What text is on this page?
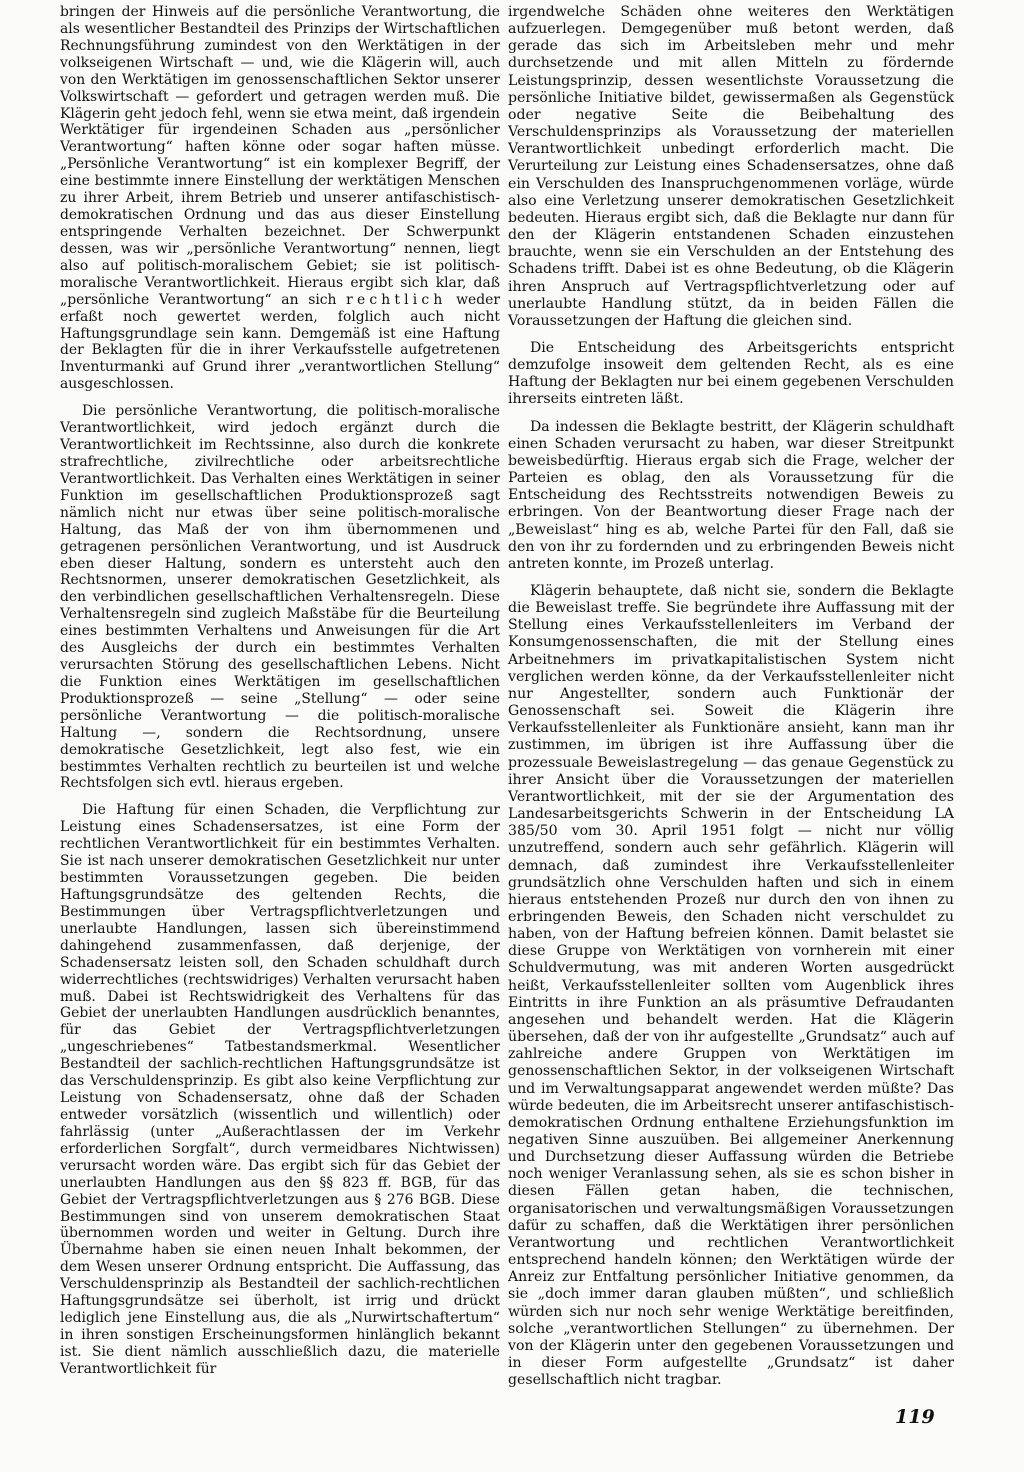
bringen der Hinweis auf die persönliche Verantwortung, die als wesentlicher Bestandteil des Prinzips der Wirtschaftlichen Rechnungsführung zumindest von den Werktätigen in der volkseigenen Wirtschaft — und, wie die Klägerin will, auch von den Werktätigen im genossenschaftlichen Sektor unserer Volkswirtschaft — gefordert und getragen werden muß. Die Klägerin geht jedoch fehl, wenn sie etwa meint, daß irgendein Werktätiger für irgendeinen Schaden aus „persönlicher Verantwortung“ haften könne oder sogar haften müsse. „Persönliche Verantwortung“ ist ein komplexer Begriff, der eine bestimmte innere Einstellung der werktätigen Menschen zu ihrer Arbeit, ihrem Betrieb und unserer antifaschistisch-demokratischen Ordnung und das aus dieser Einstellung entspringende Verhalten bezeichnet. Der Schwerpunkt dessen, was wir „persönliche Verantwortung“ nennen, liegt also auf politisch-moralischem Gebiet; sie ist politisch-moralische Verantwortlichkeit. Hieraus ergibt sich klar, daß „persönliche Verantwortung“ an sich rechtlich weder erfaßt noch gewertet werden, folglich auch nicht Haftungsgrundlage sein kann. Demgemäß ist eine Haftung der Beklagten für die in ihrer Verkaufsstelle aufgetretenen Inventurmanki auf Grund ihrer „verantwortlichen Stellung“ ausgeschlossen.

Die persönliche Verantwortung, die politisch-moralische Verantwortlichkeit, wird jedoch ergänzt durch die Verantwortlichkeit im Rechtssinne, also durch die konkrete strafrechtliche, zivilrechtliche oder arbeitsrechtliche Verantwortlichkeit. Das Verhalten eines Werktätigen in seiner Funktion im gesellschaftlichen Produktionsprozeß sagt nämlich nicht nur etwas über seine politisch-moralische Haltung, das Maß der von ihm übernommenen und getragenen persönlichen Verantwortung, und ist Ausdruck eben dieser Haltung, sondern es untersteht auch den Rechtsnormen, unserer demokratischen Gesetzlichkeit, als den verbindlichen gesellschaftlichen Verhaltensregeln. Diese Verhaltensregeln sind zugleich Maßstäbe für die Beurteilung eines bestimmten Verhaltens und Anweisungen für die Art des Ausgleichs der durch ein bestimmtes Verhalten verursachten Störung des gesellschaftlichen Lebens. Nicht die Funktion eines Werktätigen im gesellschaftlichen Produktionsprozeß — seine „Stellung“ — oder seine persönliche Verantwortung — die politisch-moralische Haltung —, sondern die Rechtsordnung, unsere demokratische Gesetzlichkeit, legt also fest, wie ein bestimmtes Verhalten rechtlich zu beurteilen ist und welche Rechtsfolgen sich evtl. hieraus ergeben.

Die Haftung für einen Schaden, die Verpflichtung zur Leistung eines Schadensersatzes, ist eine Form der rechtlichen Verantwortlichkeit für ein bestimmtes Verhalten. Sie ist nach unserer demokratischen Gesetzlichkeit nur unter bestimmten Voraussetzungen gegeben. Die beiden Haftungsgrundsätze des geltenden Rechts, die Bestimmungen über Vertragspflichtverletzungen und unerlaubte Handlungen, lassen sich übereinstimmend dahingehend zusammenfassen, daß derjenige, der Schadensersatz leisten soll, den Schaden schuldhaft durch widerrechtliches (rechtswidriges) Verhalten verursacht haben muß. Dabei ist Rechtswidrigkeit des Verhaltens für das Gebiet der unerlaubten Handlungen ausdrücklich benanntes, für das Gebiet der Vertragspflichtverletzungen „ungeschriebenes“ Tatbestandsmerkmal. Wesentlicher Bestandteil der sachlich-rechtlichen Haftungsgrundsätze ist das Verschuldensprinzip. Es gibt also keine Verpflichtung zur Leistung von Schadensersatz, ohne daß der Schaden entweder vorsätzlich (wissentlich und willentlich) oder fahrlässig (unter „Außerachtlassen der im Verkehr erforderlichen Sorgfalt“, durch vermeidbares Nichtwissen) verursacht worden wäre. Das ergibt sich für das Gebiet der unerlaubten Handlungen aus den §§ 823 ff. BGB, für das Gebiet der Vertragspflichtverletzungen aus § 276 BGB. Diese Bestimmungen sind von unserem demokratischen Staat übernommen worden und weiter in Geltung. Durch ihre Übernahme haben sie einen neuen Inhalt bekommen, der dem Wesen unserer Ordnung entspricht. Die Auffassung, das Verschuldensprinzip als Bestandteil der sachlich-rechtlichen Haftungsgrundsätze sei überholt, ist irrig und drückt lediglich jene Einstellung aus, die als „Nurwirtschaftertum“ in ihren sonstigen Erscheinungsformen hinlänglich bekannt ist. Sie dient nämlich ausschließlich dazu, die materielle Verantwortlichkeit für

irgendwelche Schäden ohne weiteres den Werktätigen aufzuerlegen. Demgegenüber muß betont werden, daß gerade das sich im Arbeitsleben mehr und mehr durchsetzende und mit allen Mitteln zu fördernde Leistungsprinzip, dessen wesentlichste Voraussetzung die persönliche Initiative bildet, gewissermaßen als Gegenstück oder negative Seite die Beibehaltung des Verschuldensprinzips als Voraussetzung der materiellen Verantwortlichkeit unbedingt erforderlich macht. Die Verurteilung zur Leistung eines Schadensersatzes, ohne daß ein Verschulden des Inanspruchgenommenen vorläge, würde also eine Verletzung unserer demokratischen Gesetzlichkeit bedeuten. Hieraus ergibt sich, daß die Beklagte nur dann für den der Klägerin entstandenen Schaden einzustehen brauchte, wenn sie ein Verschulden an der Entstehung des Schadens trifft. Dabei ist es ohne Bedeutung, ob die Klägerin ihren Anspruch auf Vertragspflichtverletzung oder auf unerlaubte Handlung stützt, da in beiden Fällen die Voraussetzungen der Haftung die gleichen sind.

Die Entscheidung des Arbeitsgerichts entspricht demzufolge insoweit dem geltenden Recht, als es eine Haftung der Beklagten nur bei einem gegebenen Verschulden ihrerseits eintreten läßt.

Da indessen die Beklagte bestritt, der Klägerin schuldhaft einen Schaden verursacht zu haben, war dieser Streitpunkt beweisbedürftig. Hieraus ergab sich die Frage, welcher der Parteien es oblag, den als Voraussetzung für die Entscheidung des Rechtsstreits notwendigen Beweis zu erbringen. Von der Beantwortung dieser Frage nach der „Beweislast“ hing es ab, welche Partei für den Fall, daß sie den von ihr zu fordernden und zu erbringenden Beweis nicht antreten konnte, im Prozeß unterlag.

Klägerin behauptete, daß nicht sie, sondern die Beklagte die Beweislast treffe. Sie begründete ihre Auffassung mit der Stellung eines Verkaufsstellenleiters im Verband der Konsumgenossenschaften, die mit der Stellung eines Arbeitnehmers im privatkapitalistischen System nicht verglichen werden könne, da der Verkaufsstellenleiter nicht nur Angestellter, sondern auch Funktionär der Genossenschaft sei. Soweit die Klägerin ihre Verkaufsstellenleiter als Funktionäre ansieht, kann man ihr zustimmen, im übrigen ist ihre Auffassung über die prozessuale Beweislastregelung — das genaue Gegenstück zu ihrer Ansicht über die Voraussetzungen der materiellen Verantwortlichkeit, mit der sie der Argumentation des Landesarbeitsgerichts Schwerin in der Entscheidung LA 385/50 vom 30. April 1951 folgt — nicht nur völlig unzutreffend, sondern auch sehr gefährlich. Klägerin will demnach, daß zumindest ihre Verkaufsstellenleiter grundsätzlich ohne Verschulden haften und sich in einem hieraus entstehenden Prozeß nur durch den von ihnen zu erbringenden Beweis, den Schaden nicht verschuldet zu haben, von der Haftung befreien können. Damit belastet sie diese Gruppe von Werktätigen von vornherein mit einer Schuldvermutung, was mit anderen Worten ausgedrückt heißt, Verkaufsstellenleiter sollten vom Augenblick ihres Eintritts in ihre Funktion an als präsumtive Defraudanten angesehen und behandelt werden. Hat die Klägerin übersehen, daß der von ihr aufgestellte „Grundsatz“ auch auf zahlreiche andere Gruppen von Werktätigen im genossenschaftlichen Sektor, in der volkseigenen Wirtschaft und im Verwaltungsapparat angewendet werden müßte? Das würde bedeuten, die im Arbeitsrecht unserer antifaschistisch-demokratischen Ordnung enthaltene Erziehungsfunktion im negativen Sinne auszuüben. Bei allgemeiner Anerkennung und Durchsetzung dieser Auffassung würden die Betriebe noch weniger Veranlassung sehen, als sie es schon bisher in diesen Fällen getan haben, die technischen, organisatorischen und verwaltungsmäßigen Voraussetzungen dafür zu schaffen, daß die Werktätigen ihrer persönlichen Verantwortung und rechtlichen Verantwortlichkeit entsprechend handeln können; den Werktätigen würde der Anreiz zur Entfaltung persönlicher Initiative genommen, da sie „doch immer daran glauben müßten“, und schließlich würden sich nur noch sehr wenige Werktätige bereitfinden, solche „verantwortlichen Stellungen“ zu übernehmen. Der von der Klägerin unter den gegebenen Voraussetzungen und in dieser Form aufgestellte „Grundsatz“ ist daher gesellschaftlich nicht tragbar.

119
